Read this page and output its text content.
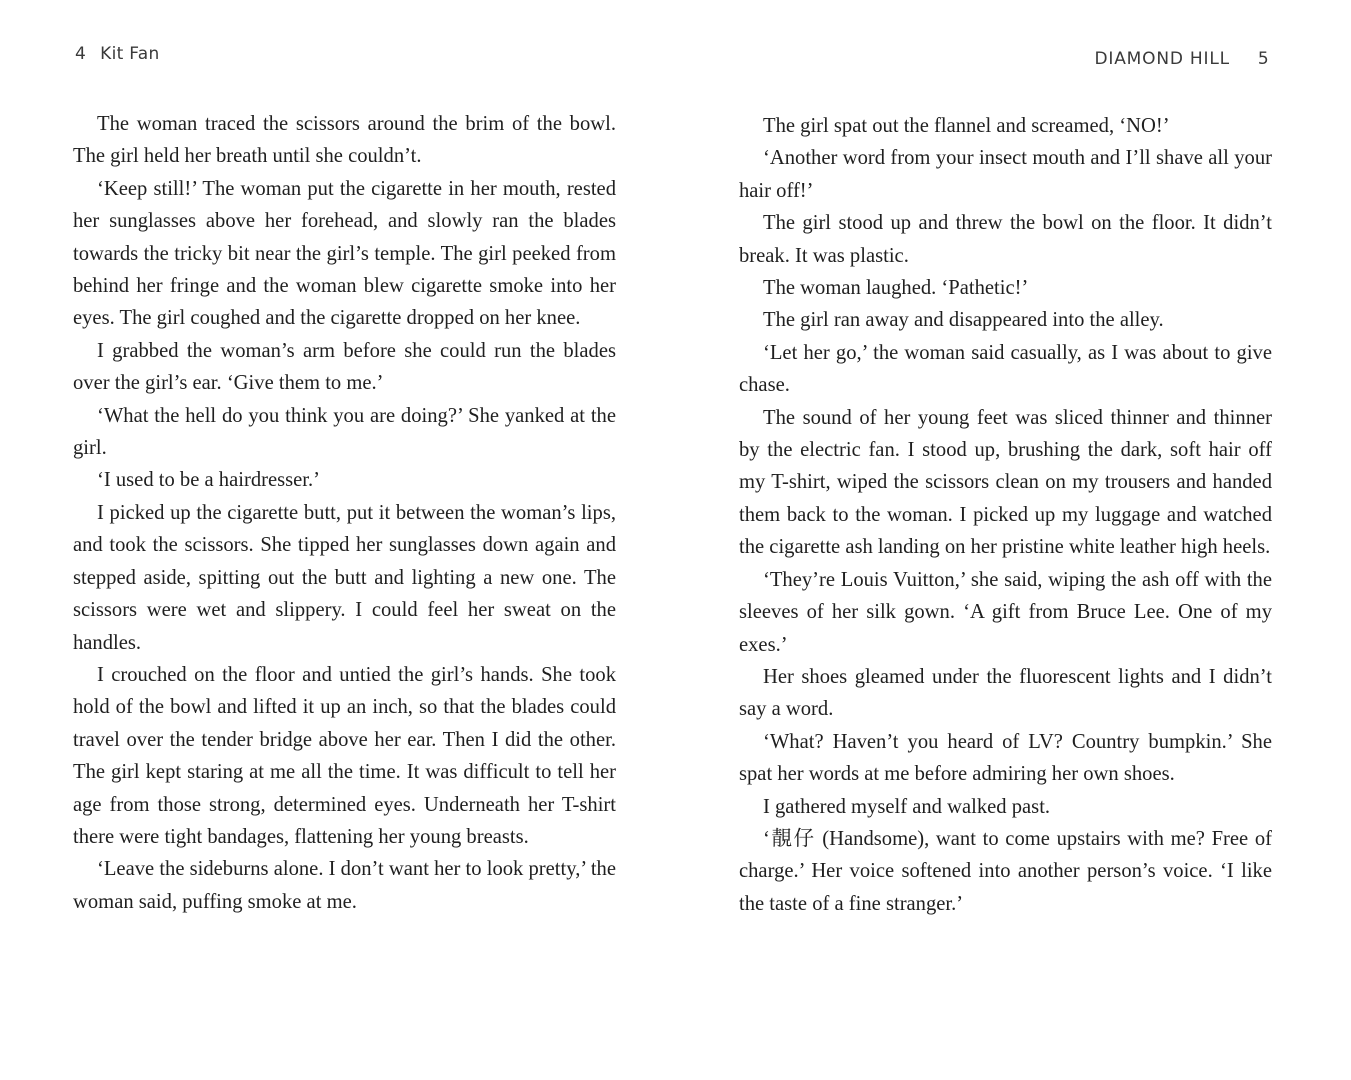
4 Kit Fan

The woman traced the scissors around the brim of the bowl. The girl held her breath until she couldn’t.

‘Keep still!’ The woman put the cigarette in her mouth, rested her sunglasses above her forehead, and slowly ran the blades towards the tricky bit near the girl’s temple. The girl peeked from behind her fringe and the woman blew cigarette smoke into her eyes. The girl coughed and the cigarette dropped on her knee.

I grabbed the woman’s arm before she could run the blades over the girl’s ear. ‘Give them to me.’

‘What the hell do you think you are doing?’ She yanked at the girl.

‘I used to be a hairdresser.’

I picked up the cigarette butt, put it between the woman’s lips, and took the scissors. She tipped her sunglasses down again and stepped aside, spitting out the butt and lighting a new one. The scissors were wet and slippery. I could feel her sweat on the handles.

I crouched on the floor and untied the girl’s hands. She took hold of the bowl and lifted it up an inch, so that the blades could travel over the tender bridge above her ear. Then I did the other. The girl kept staring at me all the time. It was difficult to tell her age from those strong, determined eyes. Underneath her T-shirt there were tight bandages, flattening her young breasts.

‘Leave the sideburns alone. I don’t want her to look pretty,’ the woman said, puffing smoke at me.

DIAMOND HILL 5

The girl spat out the flannel and screamed, ‘NO!’

‘Another word from your insect mouth and I’ll shave all your hair off!’

The girl stood up and threw the bowl on the floor. It didn’t break. It was plastic.

The woman laughed. ‘Pathetic!’

The girl ran away and disappeared into the alley.

‘Let her go,’ the woman said casually, as I was about to give chase.

The sound of her young feet was sliced thinner and thinner by the electric fan. I stood up, brushing the dark, soft hair off my T-shirt, wiped the scissors clean on my trousers and handed them back to the woman. I picked up my luggage and watched the cigarette ash landing on her pristine white leather high heels.

‘They’re Louis Vuitton,’ she said, wiping the ash off with the sleeves of her silk gown. ‘A gift from Bruce Lee. One of my exes.’

Her shoes gleamed under the fluorescent lights and I didn’t say a word.

‘What? Haven’t you heard of LV? Country bumpkin.’ She spat her words at me before admiring her own shoes.

I gathered myself and walked past.

‘靚仔 (Handsome), want to come upstairs with me? Free of charge.’ Her voice softened into another person’s voice. ‘I like the taste of a fine stranger.’
